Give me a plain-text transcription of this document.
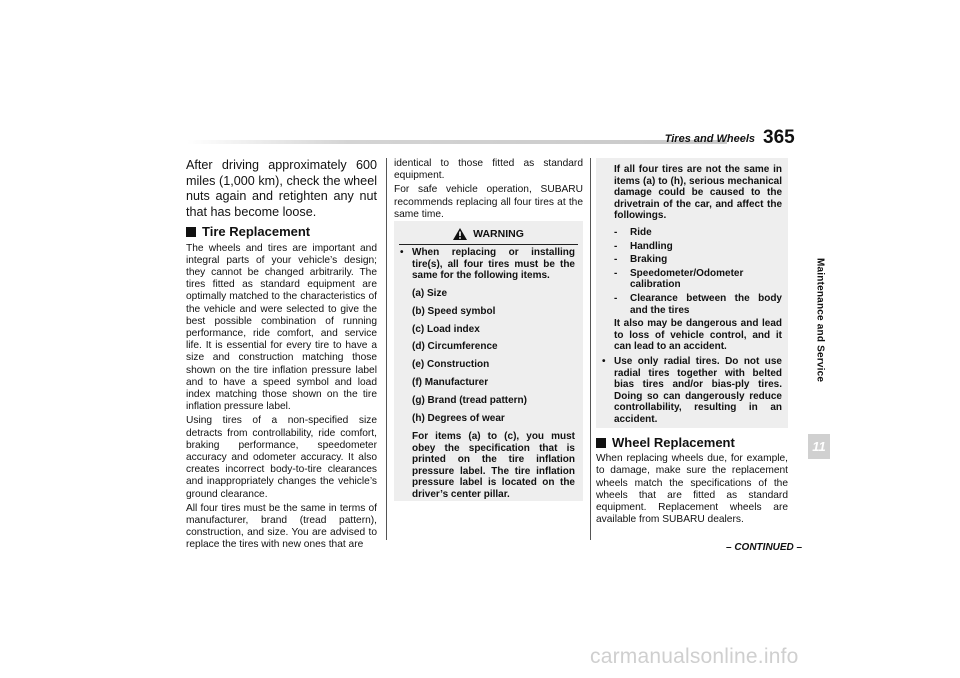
Tires and Wheels 365
Maintenance and Service
11

After driving approximately 600 miles (1,000 km), check the wheel nuts again and retighten any nut that has become loose.

Tire Replacement

The wheels and tires are important and integral parts of your vehicle’s design; they cannot be changed arbitrarily. The tires fitted as standard equipment are optimally matched to the characteristics of the vehicle and were selected to give the best possible combination of running performance, ride comfort, and service life. It is essential for every tire to have a size and construction matching those shown on the tire inflation pressure label and to have a speed symbol and load index matching those shown on the tire inflation pressure label.

Using tires of a non-specified size detracts from controllability, ride comfort, braking performance, speedometer accuracy and odometer accuracy. It also creates incorrect body-to-tire clearances and inappropriately changes the vehicle’s ground clearance.

All four tires must be the same in terms of manufacturer, brand (tread pattern), construction, and size. You are advised to replace the tires with new ones that are

identical to those fitted as standard equipment.

For safe vehicle operation, SUBARU recommends replacing all four tires at the same time.

WARNING
• When replacing or installing tire(s), all four tires must be the same for the following items.
(a) Size
(b) Speed symbol
(c) Load index
(d) Circumference
(e) Construction
(f) Manufacturer
(g) Brand (tread pattern)
(h) Degrees of wear
For items (a) to (c), you must obey the specification that is printed on the tire inflation pressure label. The tire inflation pressure label is located on the driver’s center pillar.
If all four tires are not the same in items (a) to (h), serious mechanical damage could be caused to the drivetrain of the car, and affect the followings.
-	Ride
-	Handling
-	Braking
-	Speedometer/Odometer calibration
-	Clearance between the body and the tires
It also may be dangerous and lead to loss of vehicle control, and it can lead to an accident.
• Use only radial tires. Do not use radial tires together with belted bias tires and/or bias-ply tires. Doing so can dangerously reduce controllability, resulting in an accident.
Wheel Replacement

When replacing wheels due, for example, to damage, make sure the replacement wheels match the specifications of the wheels that are fitted as standard equipment. Replacement wheels are available from SUBARU dealers.

– CONTINUED –
carmanualsonline.info
